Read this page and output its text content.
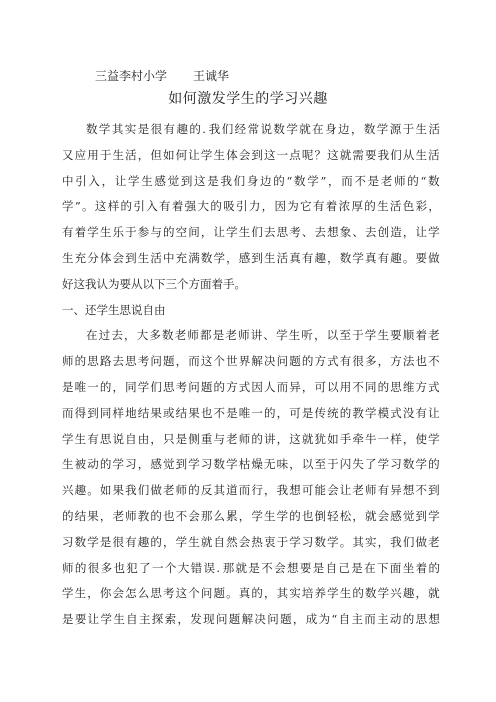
三益李村小学 王诚华
如何激发学生的学习兴趣
数 学 其 实 是 很 有 趣 的 . 我 们 经 常 说 数 学 就 在 身 边 ， 数 学 源 于 生 活
又 应 用 于 生 活 ， 但 如 何 让 学 生 体 会 到 这 一 点 呢 ？ 这 就 需 要 我 们 从 生 活
中 引 入 ， 让 学 生 感 觉 到 这 是 我 们 身 边 的 “ 数 学 ” ， 而 不 是 老 师 的 “ 数
学 ” 。 这 样 的 引 入 有 着 强 大 的 吸 引 力 ， 因 为 它 有 着 浓 厚 的 生 活 色 彩 ，
有 着 学 生 乐 于 参 与 的 空 间 ， 让 学 生 们 去 思 考 、 去 想 象 、 去 创 造 ， 让 学
生 充 分 体 会 到 生 活 中 充 满 数 学 ， 感 到 生 活 真 有 趣 ， 数 学 真 有 趣 。 要 做
好这我认为要从以下三个方面着手。
一、还学生思说自由
在 过 去 ， 大 多 数 老 师 都 是 老 师 讲 、 学 生 听 ， 以 至 于 学 生 要 顺 着 老
师 的 思 路 去 思 考 问 题 ， 而 这 个 世 界 解 决 问 题 的 方 式 有 很 多 ， 方 法 也 不
是 唯 一 的 ， 同 学 们 思 考 问 题 的 方 式 因 人 而 异 ， 可 以 用 不 同 的 思 维 方 式
而 得 到 同 样 地 结 果 或 结 果 也 不 是 唯 一 的 ， 可 是 传 统 的 教 学 模 式 没 有 让
学 生 有 思 说 自 由 ， 只 是 侧 重 与 老 师 的 讲 ， 这 就 犹 如 手 牵 牛 一 样 ， 使 学
生 被 动 的 学 习 ， 感 觉 到 学 习 数 学 枯 燥 无 味 ， 以 至 于 闪 失 了 学 习 数 学 的
兴 趣 。 如 果 我 们 做 老 师 的 反 其 道 而 行 ， 我 想 可 能 会 让 老 师 有 异 想 不 到
的 结 果 ， 老 师 教 的 也 不 会 那 么 累 ， 学 生 学 的 也 倒 轻 松 ， 就 会 感 觉 到 学
习 数 学 是 很 有 趣 的 ， 学 生 就 自 然 会 热 衷 于 学 习 数 学 。 其 实 ， 我 们 做 老
师 的 很 多 也 犯 了 一 个 大 错 误 . 那 就 是 不 会 想 要 是 自 己 是 在 下 面 坐 着 的
学 生 ， 你 会 怎 么 思 考 这 个 问 题 。 真 的 ， 其 实 培 养 学 生 的 数 学 兴 趣 ， 就
是 要 让 学 生 自 主 探 索 ， 发 现 问 题 解 决 问 题 ， 成 为 “ 自 主 而 主 动 的 思 想
